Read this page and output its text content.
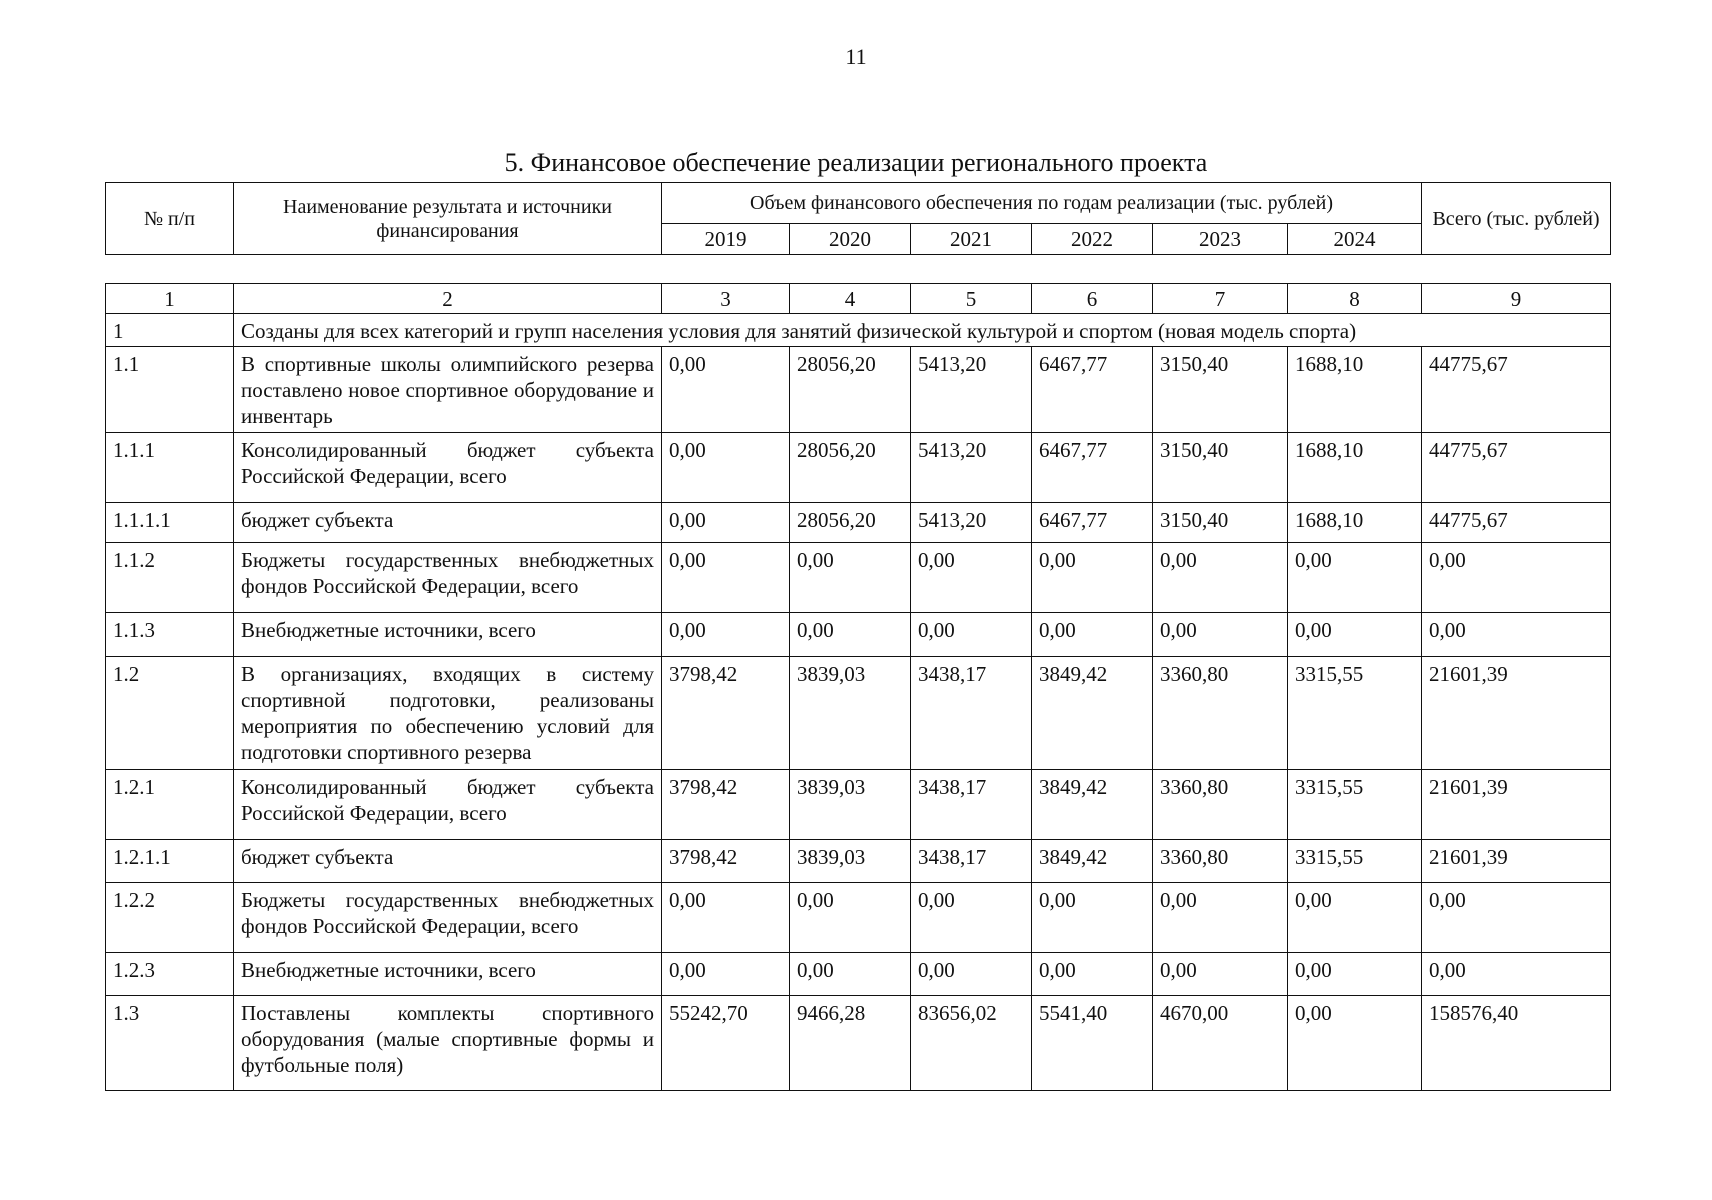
11
5. Финансовое обеспечение реализации регионального проекта
№ п/п	Наименование результата и источники финансирования	Объем финансового обеспечения по годам реализации (тыс. рублей)						Всего (тыс. рублей)
		2019	2020	2021	2022	2023	2024	
1	2	3	4	5	6	7	8	9
1	Созданы для всех категорий и групп населения условия для занятий физической культурой и спортом (новая модель спорта)							
1.1	В спортивные школы олимпийского резерва поставлено новое спортивное оборудование и инвентарь	0,00	28056,20	5413,20	6467,77	3150,40	1688,10	44775,67
1.1.1	Консолидированный бюджет субъекта Российской Федерации, всего	0,00	28056,20	5413,20	6467,77	3150,40	1688,10	44775,67
1.1.1.1	бюджет субъекта	0,00	28056,20	5413,20	6467,77	3150,40	1688,10	44775,67
1.1.2	Бюджеты государственных внебюджетных фондов Российской Федерации, всего	0,00	0,00	0,00	0,00	0,00	0,00	0,00
1.1.3	Внебюджетные источники, всего	0,00	0,00	0,00	0,00	0,00	0,00	0,00
1.2	В организациях, входящих в систему спортивной подготовки, реализованы мероприятия по обеспечению условий для подготовки спортивного резерва	3798,42	3839,03	3438,17	3849,42	3360,80	3315,55	21601,39
1.2.1	Консолидированный бюджет субъекта Российской Федерации, всего	3798,42	3839,03	3438,17	3849,42	3360,80	3315,55	21601,39
1.2.1.1	бюджет субъекта	3798,42	3839,03	3438,17	3849,42	3360,80	3315,55	21601,39
1.2.2	Бюджеты государственных внебюджетных фондов Российской Федерации, всего	0,00	0,00	0,00	0,00	0,00	0,00	0,00
1.2.3	Внебюджетные источники, всего	0,00	0,00	0,00	0,00	0,00	0,00	0,00
1.3	Поставлены комплекты спортивного оборудования (малые спортивные формы и футбольные поля)	55242,70	9466,28	83656,02	5541,40	4670,00	0,00	158576,40
